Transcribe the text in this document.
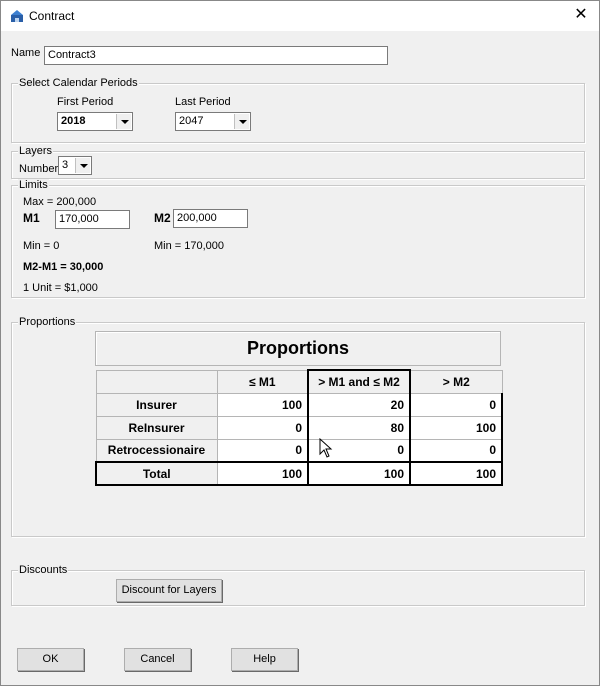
Contract	✕
Name Contract3
Select Calendar Periods
First Period
2018
Last Period
2047
Layers
Number 3
Limits
Max = 200,000
M1	170,000	M2 200,000
Min = 0	Min = 170,000
M2-M1 = 30,000
1 Unit = $1,000
Proportions
Proportions
	≤ M1	> M1 and ≤ M2	> M2
Insurer	100	20	0
ReInsurer	0	80	100
Retrocessionaire	0	0	0
Total	100	100	100
Discounts
Discount for Layers
OK	Cancel	Help
